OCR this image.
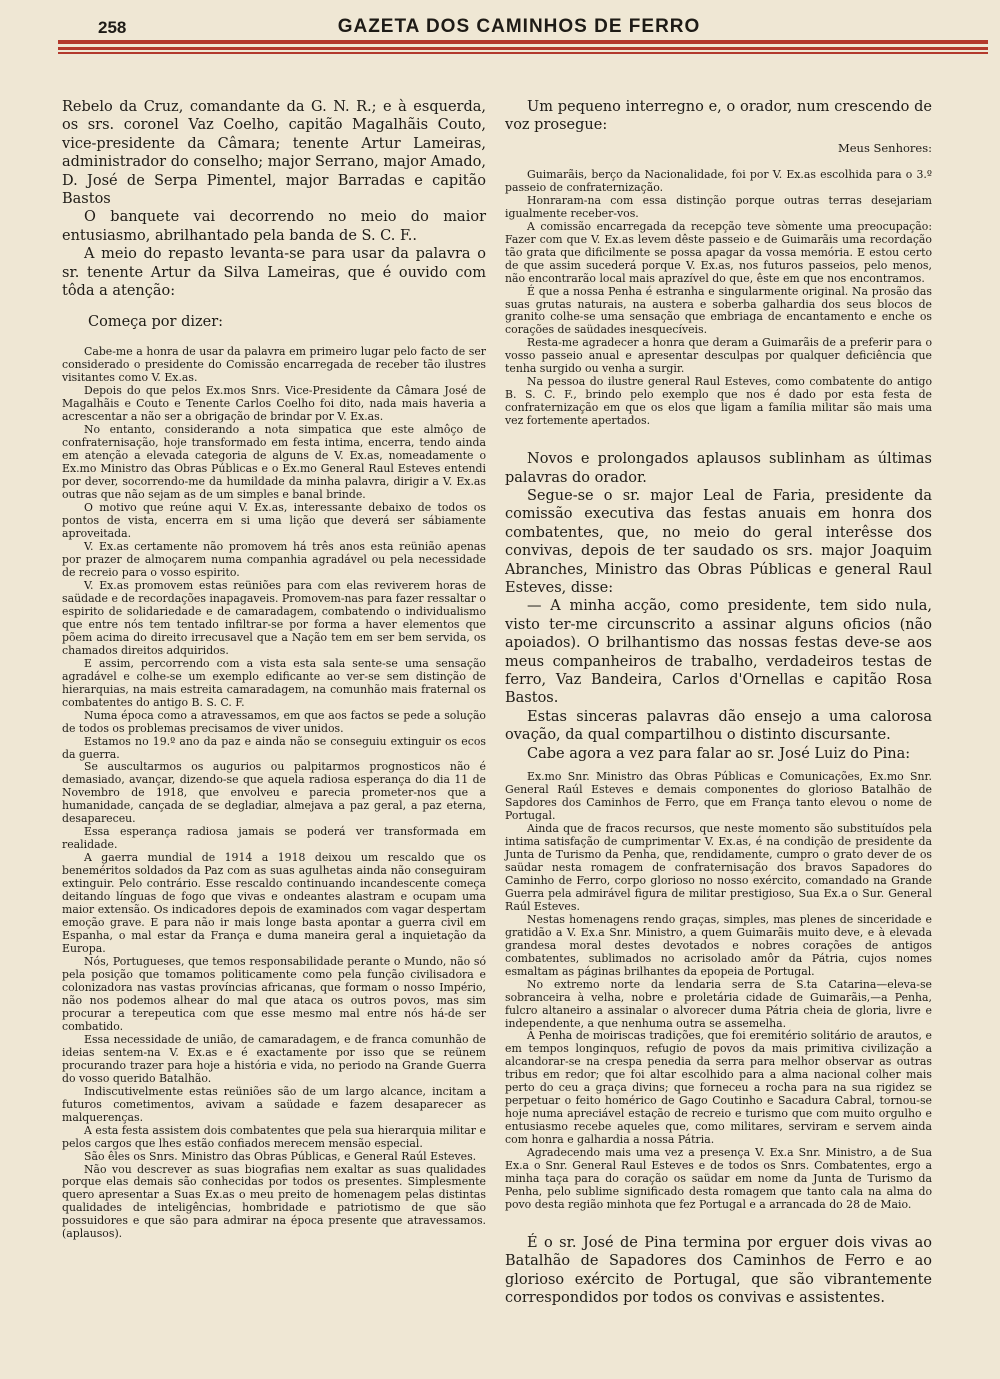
258	GAZETA DOS CAMINHOS DE FERRO

Rebelo da Cruz, comandante da G. N. R.; e à esquerda, os srs. coronel Vaz Coelho, capitão Magalhãis Couto, vice-presidente da Câmara; tenente Artur Lameiras, administrador do conselho; major Serrano, major Amado, D. José de Serpa Pimentel, major Barradas e capitão Bastos

O banquete vai decorrendo no meio do maior entusiasmo, abrilhantado pela banda de S. C. F..

A meio do repasto levanta-se para usar da palavra o sr. tenente Artur da Silva Lameiras, que é ouvido com tôda a atenção:

Começa por dizer:

Cabe-me a honra de usar da palavra em primeiro lugar pelo facto de ser considerado o presidente do Comissão encarregada de receber tão ilustres visitantes como V. Ex.as.

Depois do que pelos Ex.mos Snrs. Vice-Presidente da Câmara José de Magalhãis e Couto e Tenente Carlos Coelho foi dito, nada mais haveria a acrescentar a não ser a obrigação de brindar por V. Ex.as.

No entanto, considerando a nota simpatica que este almôço de confraternisação, hoje transformado em festa intima, encerra, tendo ainda em atenção a elevada categoria de alguns de V. Ex.as, nomeadamente o Ex.mo Ministro das Obras Públicas e o Ex.mo General Raul Esteves entendi por dever, socorrendo-me da humildade da minha palavra, dirigir a V. Ex.as outras que não sejam as de um simples e banal brinde.

O motivo que reúne aqui V. Ex.as, interessante debaixo de todos os pontos de vista, encerra em si uma lição que deverá ser sábiamente aproveitada.

V. Ex.as certamente não promovem há três anos esta reünião apenas por prazer de almoçarem numa companhia agradável ou pela necessidade de recreio para o vosso espirito.

V. Ex.as promovem estas reüniões para com elas reviverem horas de saüdade e de recordações inapagaveis. Promovem-nas para fazer ressaltar o espirito de solidariedade e de camaradagem, combatendo o individualismo que entre nós tem tentado infiltrar-se por forma a haver elementos que põem acima do direito irrecusavel que a Nação tem em ser bem servida, os chamados direitos adquiridos.

E assim, percorrendo com a vista esta sala sente-se uma sensação agradável e colhe-se um exemplo edificante ao ver-se sem distinção de hierarquias, na mais estreita camaradagem, na comunhão mais fraternal os combatentes do antigo B. S. C. F.

Numa época como a atravessamos, em que aos factos se pede a solução de todos os problemas precisamos de viver unidos.

Estamos no 19.º ano da paz e ainda não se conseguiu extinguir os ecos da guerra.

Se auscultarmos os augurios ou palpitarmos prognosticos não é demasiado, avançar, dizendo-se que aquela radiosa esperança do dia 11 de Novembro de 1918, que envolveu e parecia prometer-nos que a humanidade, cançada de se degladiar, almejava a paz geral, a paz eterna, desapareceu.

Essa esperança radiosa jamais se poderá ver transformada em realidade.

A gaerra mundial de 1914 a 1918 deixou um rescaldo que os beneméritos soldados da Paz com as suas agulhetas ainda não conseguiram extinguir. Pelo contrário. Esse rescaldo continuando incandescente começa deitando línguas de fogo que vivas e ondeantes alastram e ocupam uma maior extensão. Os indicadores depois de examinados com vagar despertam emoção grave. E para não ir mais longe basta apontar a guerra civil em Espanha, o mal estar da França e duma maneira geral a inquietação da Europa.

Nós, Portugueses, que temos responsabilidade perante o Mundo, não só pela posição que tomamos politicamente como pela função civilisadora e colonizadora nas vastas províncias africanas, que formam o nosso Império, não nos podemos alhear do mal que ataca os outros povos, mas sim procurar a terepeutica com que esse mesmo mal entre nós há-de ser combatido.

Essa necessidade de união, de camaradagem, e de franca comunhão de ideias sentem-na V. Ex.as e é exactamente por isso que se reünem procurando trazer para hoje a história e vida, no periodo na Grande Guerra do vosso querido Batalhão.

Indiscutivelmente estas reüniões são de um largo alcance, incitam a futuros cometimentos, avivam a saüdade e fazem desaparecer as malquerenças.

A esta festa assistem dois combatentes que pela sua hierarquia militar e pelos cargos que lhes estão confiados merecem mensão especial.

São êles os Snrs. Ministro das Obras Públicas, e General Raúl Esteves.

Não vou descrever as suas biografias nem exaltar as suas qualidades porque elas demais são conhecidas por todos os presentes. Simplesmente quero apresentar a Suas Ex.as o meu preito de homenagem pelas distintas qualidades de inteligências, hombridade e patriotismo de que são possuidores e que são para admirar na época presente que atravessamos. (aplausos).

Um pequeno interregno e, o orador, num crescendo de voz prosegue:

Meus Senhores:

Guimarãis, berço da Nacionalidade, foi por V. Ex.as escolhida para o 3.º passeio de confraternização.

Honraram-na com essa distinção porque outras terras desejariam igualmente receber-vos.

A comissão encarregada da recepção teve sòmente uma preocupação: Fazer com que V. Ex.as levem dêste passeio e de Guimarãis uma recordação tão grata que dificilmente se possa apagar da vossa memória. E estou certo de que assim sucederá porque V. Ex.as, nos futuros passeios, pelo menos, não encontrarão local mais aprazível do que, êste em que nos encontramos.

É que a nossa Penha é estranha e singularmente original. Na prosão das suas grutas naturais, na austera e soberba galhardia dos seus blocos de granito colhe-se uma sensação que embriaga de encantamento e enche os corações de saüdades inesquecíveis.

Resta-me agradecer a honra que deram a Guimarãis de a preferir para o vosso passeio anual e apresentar desculpas por qualquer deficiência que tenha surgido ou venha a surgir.

Na pessoa do ilustre general Raul Esteves, como combatente do antigo B. S. C. F., brindo pelo exemplo que nos é dado por esta festa de confraternização em que os elos que ligam a família militar são mais uma vez fortemente apertados.

Novos e prolongados aplausos sublinham as últimas palavras do orador.

Segue-se o sr. major Leal de Faria, presidente da comissão executiva das festas anuais em honra dos combatentes, que, no meio do geral interêsse dos convivas, depois de ter saudado os srs. major Joaquim Abranches, Ministro das Obras Públicas e general Raul Esteves, disse:

— A minha acção, como presidente, tem sido nula, visto ter-me circunscrito a assinar alguns oficios (não apoiados). O brilhantismo das nossas festas deve-se aos meus companheiros de trabalho, verdadeiros testas de ferro, Vaz Bandeira, Carlos d'Ornellas e capitão Rosa Bastos.

Estas sinceras palavras dão ensejo a uma calorosa ovação, da qual compartilhou o distinto discursante.

Cabe agora a vez para falar ao sr. José Luiz do Pina:

Ex.mo Snr. Ministro das Obras Públicas e Comunicações, Ex.mo Snr. General Raúl Esteves e demais componentes do glorioso Batalhão de Sapdores dos Caminhos de Ferro, que em França tanto elevou o nome de Portugal.

Ainda que de fracos recursos, que neste momento são substituídos pela intima satisfação de cumprimentar V. Ex.as, é na condição de presidente da Junta de Turismo da Penha, que, rendidamente, cumpro o grato dever de os saüdar nesta romagem de confraternisação dos bravos Sapadores do Caminho de Ferro, corpo glorioso no nosso exército, comandado na Grande Guerra pela admirável figura de militar prestigioso, Sua Ex.a o Sur. General Raúl Esteves.

Nestas homenagens rendo graças, simples, mas plenes de sinceridade e gratidão a V. Ex.a Snr. Ministro, a quem Guimarãis muito deve, e à elevada grandesa moral destes devotados e nobres corações de antigos combatentes, sublimados no acrisolado amôr da Pátria, cujos nomes esmaltam as páginas brilhantes da epopeia de Portugal.

No extremo norte da lendaria serra de S.ta Catarina—eleva-se sobranceira à velha, nobre e proletária cidade de Guimarãis,—a Penha, fulcro altaneiro a assinalar o alvorecer duma Pátria cheia de gloria, livre e independente, a que nenhuma outra se assemelha.

A Penha de moiriscas tradições, que foi eremitério solitário de arautos, e em tempos longinquos, refugio de povos da mais primitiva civilização a alcandorar-se na crespa penedia da serra para melhor observar as outras tribus em redor; que foi altar escolhido para a alma nacional colher mais perto do ceu a graça divins; que forneceu a rocha para na sua rigidez se perpetuar o feito homérico de Gago Coutinho e Sacadura Cabral, tornou-se hoje numa apreciável estação de recreio e turismo que com muito orgulho e entusiasmo recebe aqueles que, como militares, serviram e servem ainda com honra e galhardia a nossa Pátria.

Agradecendo mais uma vez a presença V. Ex.a Snr. Ministro, a de Sua Ex.a o Snr. General Raul Esteves e de todos os Snrs. Combatentes, ergo a minha taça para do coração os saüdar em nome da Junta de Turismo da Penha, pelo sublime significado desta romagem que tanto cala na alma do povo desta região minhota que fez Portugal e a arrancada do 28 de Maio.

É o sr. José de Pina termina por erguer dois vivas ao Batalhão de Sapadores dos Caminhos de Ferro e ao glorioso exército de Portugal, que são vibrantemente correspondidos por todos os convivas e assistentes.
